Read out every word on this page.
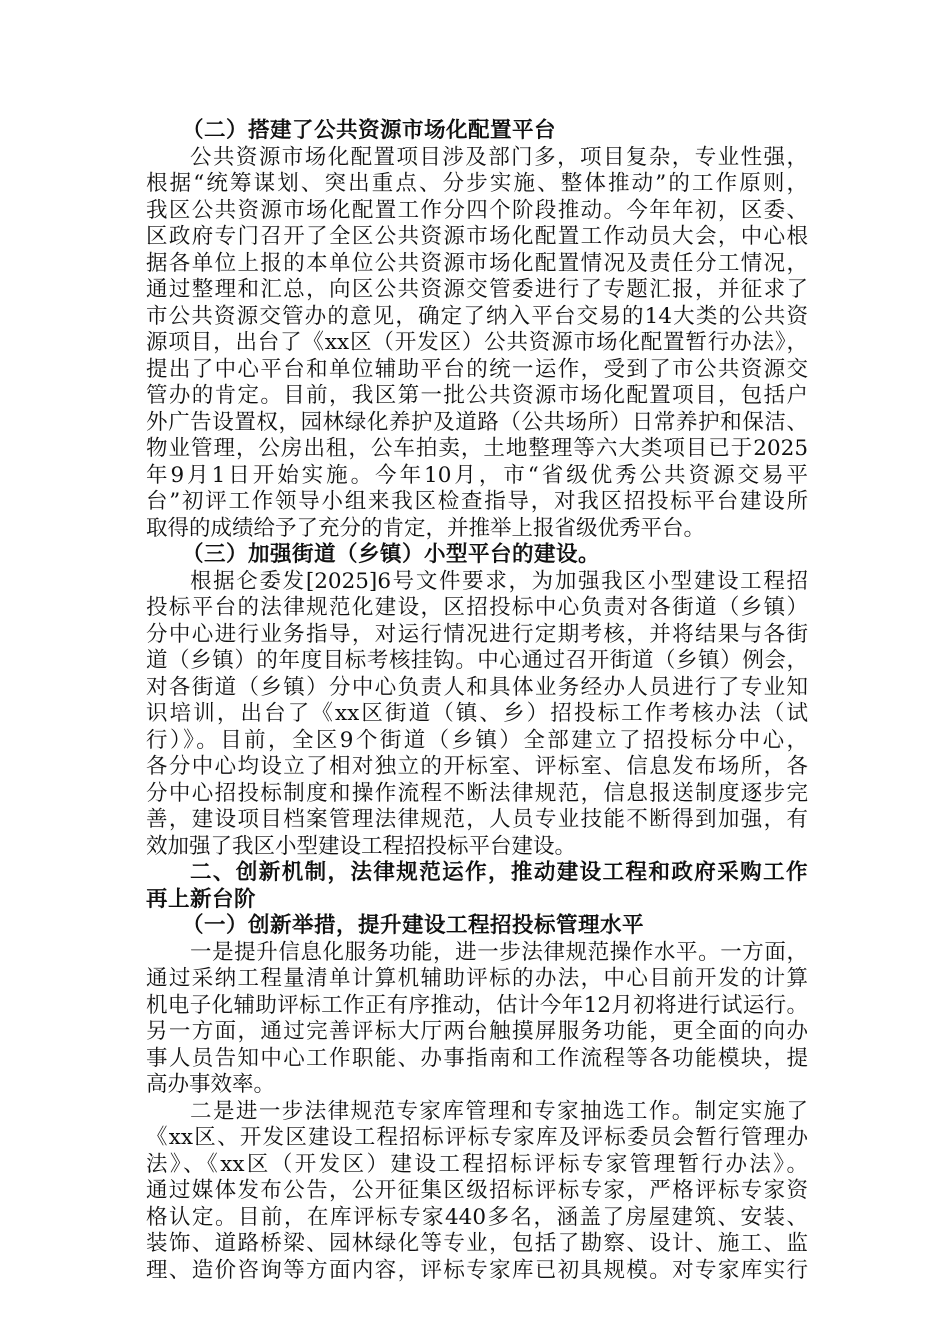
（二）搭建了公共资源市场化配置平台
公共资源市场化配置项目涉及部门多，项目复杂，专业性强，
根据“统筹谋划、突出重点、分步实施、整体推动”的工作原则，
我区公共资源市场化配置工作分四个阶段推动。今年年初，区委、
区政府专门召开了全区公共资源市场化配置工作动员大会，中心根
据各单位上报的本单位公共资源市场化配置情况及责任分工情况，
通过整理和汇总，向区公共资源交管委进行了专题汇报，并征求了
市公共资源交管办的意见，确定了纳入平台交易的14大类的公共资
源项目，出台了《xx区（开发区）公共资源市场化配置暂行办法》，
提出了中心平台和单位辅助平台的统一运作，受到了市公共资源交
管办的肯定。目前，我区第一批公共资源市场化配置项目，包括户
外广告设置权，园林绿化养护及道路（公共场所）日常养护和保洁、
物业管理，公房出租，公车拍卖，土地整理等六大类项目已于2025
年9月1日开始实施。今年10月，市“省级优秀公共资源交易平
台”初评工作领导小组来我区检查指导，对我区招投标平台建设所
取得的成绩给予了充分的肯定，并推举上报省级优秀平台。
（三）加强街道（乡镇）小型平台的建设。
根据仑委发[2025]6号文件要求，为加强我区小型建设工程招
投标平台的法律规范化建设，区招投标中心负责对各街道（乡镇）
分中心进行业务指导，对运行情况进行定期考核，并将结果与各街
道（乡镇）的年度目标考核挂钩。中心通过召开街道（乡镇）例会，
对各街道（乡镇）分中心负责人和具体业务经办人员进行了专业知
识培训，出台了《xx区街道（镇、乡）招投标工作考核办法（试
行）》。目前，全区9个街道（乡镇）全部建立了招投标分中心，
各分中心均设立了相对独立的开标室、评标室、信息发布场所，各
分中心招投标制度和操作流程不断法律规范，信息报送制度逐步完
善，建设项目档案管理法律规范，人员专业技能不断得到加强，有
效加强了我区小型建设工程招投标平台建设。
二、创新机制，法律规范运作，推动建设工程和政府采购工作
再上新台阶
（一）创新举措，提升建设工程招投标管理水平
一是提升信息化服务功能，进一步法律规范操作水平。一方面，
通过采纳工程量清单计算机辅助评标的办法，中心目前开发的计算
机电子化辅助评标工作正有序推动，估计今年12月初将进行试运行。
另一方面，通过完善评标大厅两台触摸屏服务功能，更全面的向办
事人员告知中心工作职能、办事指南和工作流程等各功能模块，提
高办事效率。
二是进一步法律规范专家库管理和专家抽选工作。制定实施了
《xx区、开发区建设工程招标评标专家库及评标委员会暂行管理办
法》、《xx区（开发区）建设工程招标评标专家管理暂行办法》。
通过媒体发布公告，公开征集区级招标评标专家，严格评标专家资
格认定。目前，在库评标专家440多名，涵盖了房屋建筑、安装、
装饰、道路桥梁、园林绿化等专业，包括了勘察、设计、施工、监
理、造价咨询等方面内容，评标专家库已初具规模。对专家库实行
